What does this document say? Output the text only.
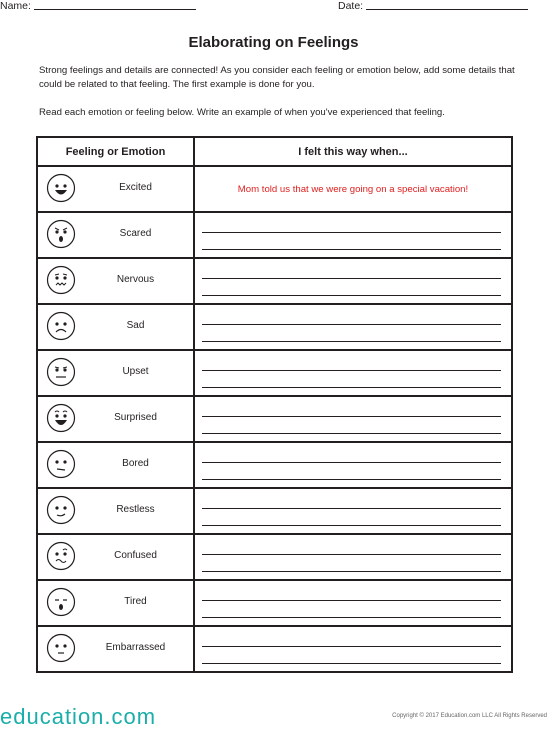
Name:	Date:
Elaborating on Feelings

Strong feelings and details are connected! As you consider each feeling or emotion below, add some details that could be related to that feeling. The first example is done for you.

Read each emotion or feeling below. Write an example of when you've experienced that feeling.

Feeling or Emotion	I felt this way when...

Excited	Mom told us that we were going on a special vacation!

Scared	

Nervous	

Sad	

Upset	

Surprised	

Bored	

Restless	

Confused	

Tired	

Embarrassed	

education.com	Copyright © 2017 Education.com LLC All Rights Reserved
